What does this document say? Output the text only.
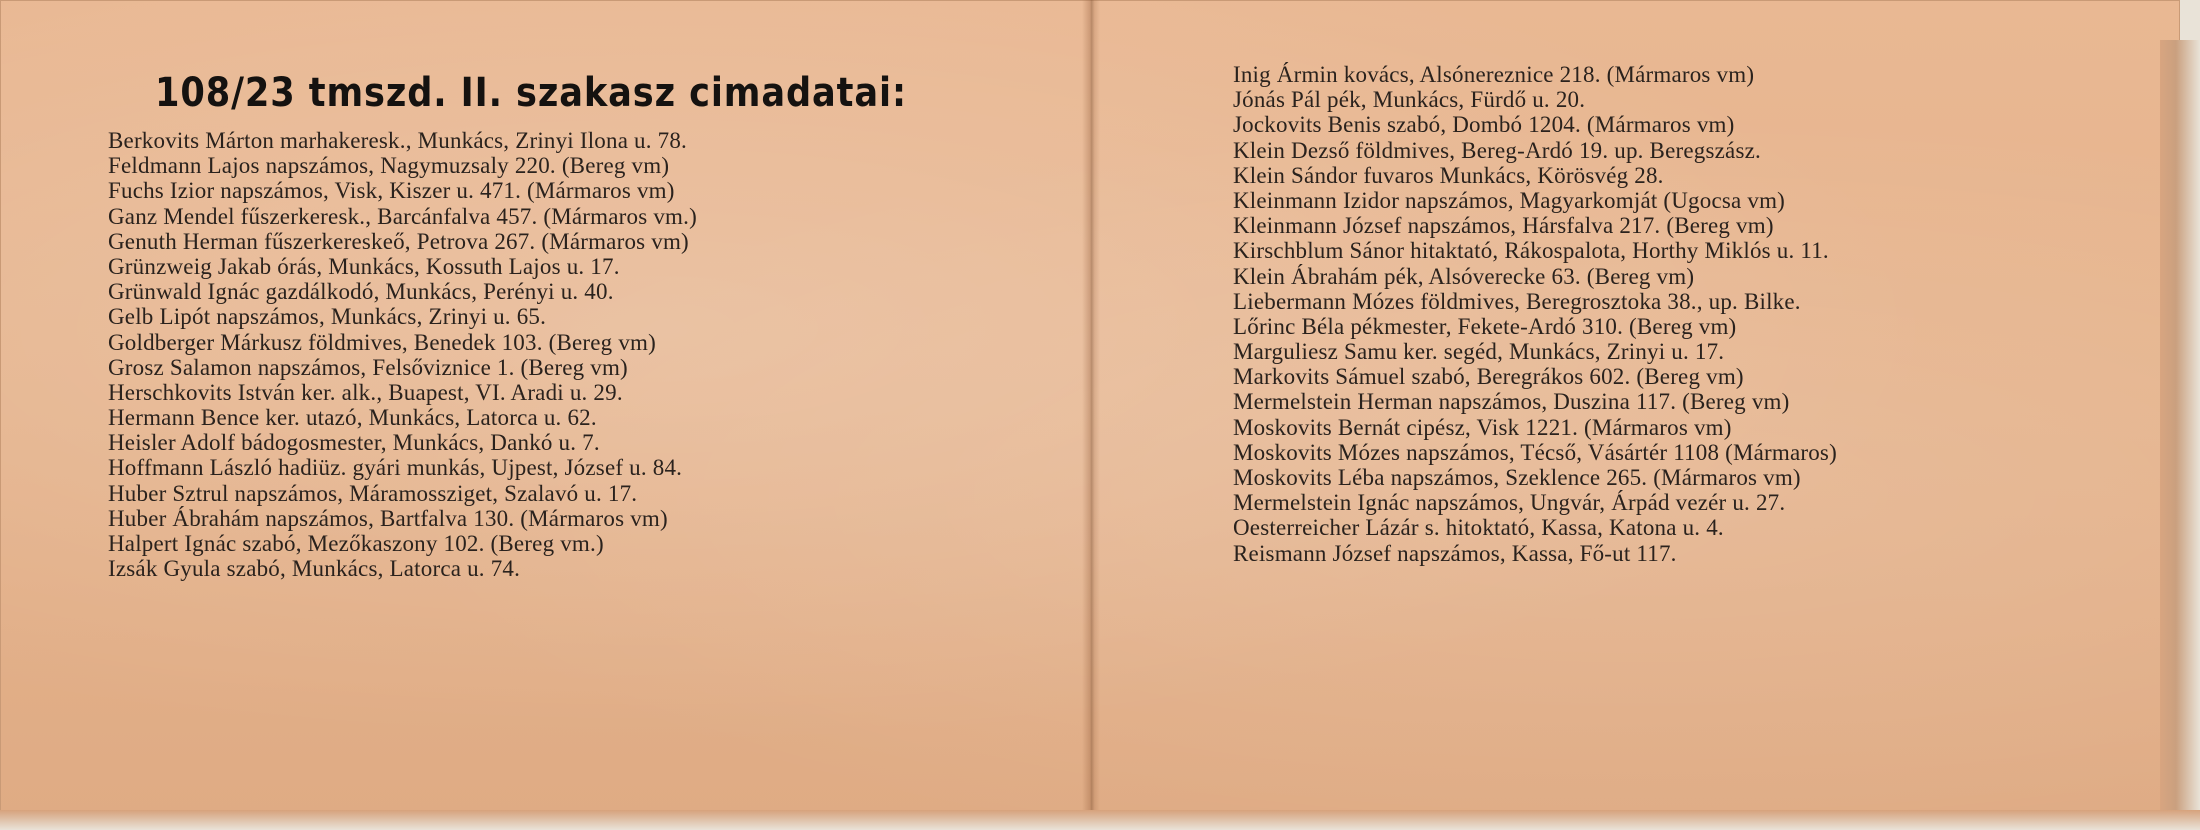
108/23 tmszd. II. szakasz cimadatai:
Berkovits Márton marhakeresk., Munkács, Zrinyi Ilona u. 78.
Feldmann Lajos napszámos, Nagymuzsaly 220. (Bereg vm)
Fuchs Izior napszámos, Visk, Kiszer u. 471. (Mármaros vm)
Ganz Mendel fűszerkeresk., Barcánfalva 457. (Mármaros vm.)
Genuth Herman fűszerkereskeő, Petrova 267. (Mármaros vm)
Grünzweig Jakab órás, Munkács, Kossuth Lajos u. 17.
Grünwald Ignác gazdálkodó, Munkács, Perényi u. 40.
Gelb Lipót napszámos, Munkács, Zrinyi u. 65.
Goldberger Márkusz földmives, Benedek 103. (Bereg vm)
Grosz Salamon napszámos, Felsőviznice 1. (Bereg vm)
Herschkovits István ker. alk., Buapest, VI. Aradi u. 29.
Hermann Bence ker. utazó, Munkács, Latorca u. 62.
Heisler Adolf bádogosmester, Munkács, Dankó u. 7.
Hoffmann László hadiüz. gyári munkás, Ujpest, József u. 84.
Huber Sztrul napszámos, Máramossziget, Szalavó u. 17.
Huber Ábrahám napszámos, Bartfalva 130. (Mármaros vm)
Halpert Ignác szabó, Mezőkaszony 102. (Bereg vm.)
Izsák Gyula szabó, Munkács, Latorca u. 74.
Inig Ármin kovács, Alsónereznice 218. (Mármaros vm)
Jónás Pál pék, Munkács, Fürdő u. 20.
Jockovits Benis szabó, Dombó 1204. (Mármaros vm)
Klein Dezső földmives, Bereg-Ardó 19. up. Beregszász.
Klein Sándor fuvaros Munkács, Körösvég 28.
Kleinmann Izidor napszámos, Magyarkomját (Ugocsa vm)
Kleinmann József napszámos, Hársfalva 217. (Bereg vm)
Kirschblum Sánor hitaktató, Rákospalota, Horthy Miklós u. 11.
Klein Ábrahám pék, Alsóverecke 63. (Bereg vm)
Liebermann Mózes földmives, Beregrosztoka 38., up. Bilke.
Lőrinc Béla pékmester, Fekete-Ardó 310. (Bereg vm)
Marguliesz Samu ker. segéd, Munkács, Zrinyi u. 17.
Markovits Sámuel szabó, Beregrákos 602. (Bereg vm)
Mermelstein Herman napszámos, Duszina 117. (Bereg vm)
Moskovits Bernát cipész, Visk 1221. (Mármaros vm)
Moskovits Mózes napszámos, Técső, Vásártér 1108 (Mármaros)
Moskovits Léba napszámos, Szeklence 265. (Mármaros vm)
Mermelstein Ignác napszámos, Ungvár, Árpád vezér u. 27.
Oesterreicher Lázár s. hitoktató, Kassa, Katona u. 4.
Reismann József napszámos, Kassa, Fő-ut 117.
